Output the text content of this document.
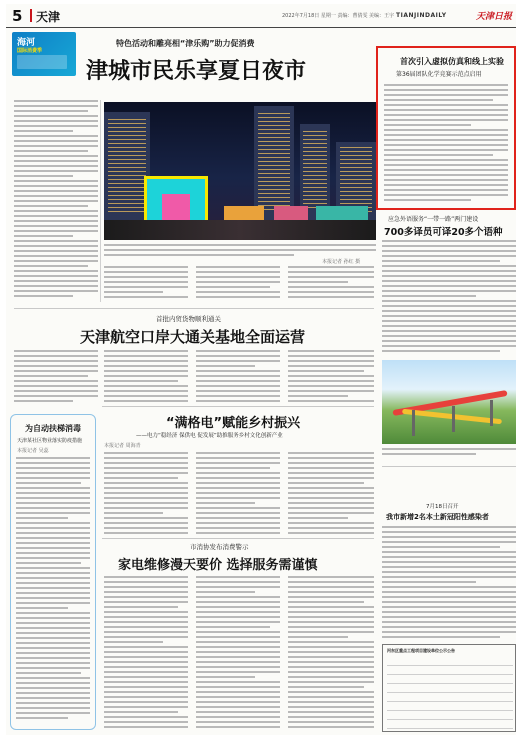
5 天津	2022年7月18日 星期一 责编：曹倩雯 美编：王宇 TIANJINDAILY	天津日报
海河
国际消费季
特色活动和雕亮相“津乐购”助力促消费
津城市民乐享夏日夜市
本报记者 孙红 摄
首次引入虚拟仿真和线上实验
第36届团队化学竞赛示范点启用
应急外语服务“一带一路”两门建设
700多译员可译20多个语种
首批内贸货物顺利通关
天津航空口岸大通关基地全面运营
“满格电”赋能乡村振兴
——电力“稳经济 保供电 促发展”助推服务乡村文化创新产业
本报记者 周海青
市消协发布消费警示
家电维修漫天要价 选择服务需谨慎
为自动扶梯消毒
天津某社区物业落实防疫措施
本报记者 吴蕊
7月18日召开
我市新增2名本土新冠阳性感染者
河东区重点工程项目建设单位公示公告
